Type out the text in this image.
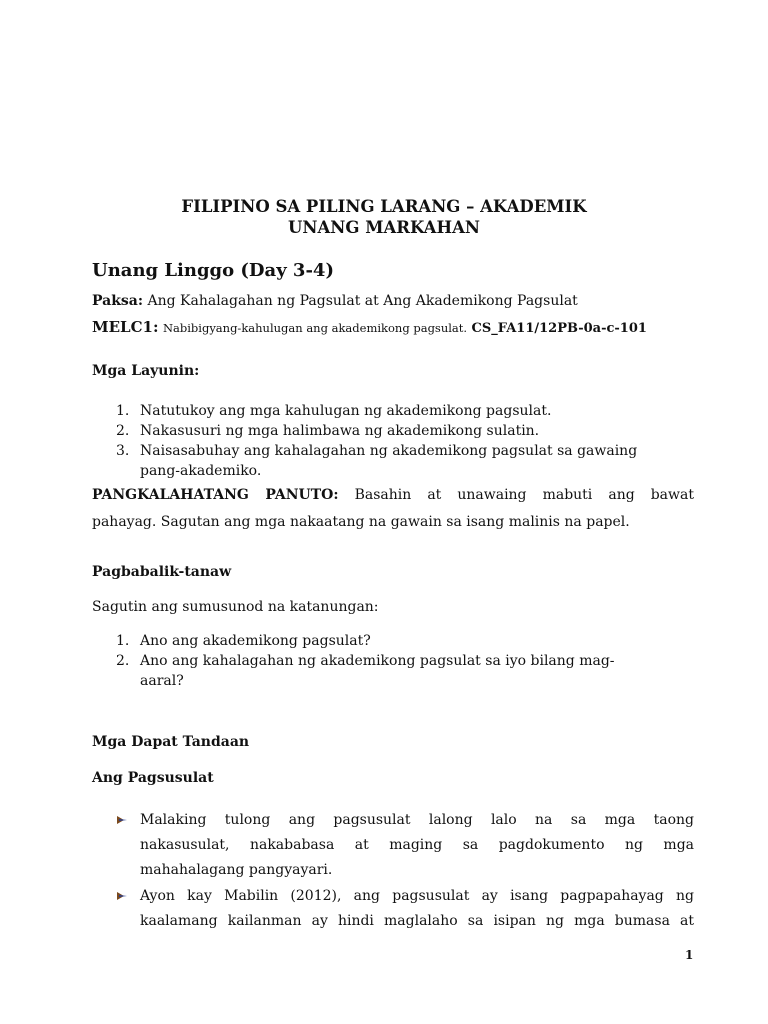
FILIPINO SA PILING LARANG – AKADEMIK
UNANG MARKAHAN
Unang Linggo (Day 3-4)
Paksa: Ang Kahalagahan ng Pagsulat at Ang Akademikong Pagsulat
MELC1: Nabibigyang-kahulugan ang akademikong pagsulat. CS_FA11/12PB-0a-c-101
Mga Layunin:
1. Natutukoy ang mga kahulugan ng akademikong pagsulat.
2. Nakasusuri ng mga halimbawa ng akademikong sulatin.
3. Naisasabuhay ang kahalagahan ng akademikong pagsulat sa gawaing
pang-akademiko.
PANGKALAHATANG PANUTO: Basahin at unawaing mabuti ang bawat
pahayag. Sagutan ang mga nakaatang na gawain sa isang malinis na papel.
Pagbabalik-tanaw
Sagutin ang sumusunod na katanungan:
1. Ano ang akademikong pagsulat?
2. Ano ang kahalagahan ng akademikong pagsulat sa iyo bilang mag-
aaral?
Mga Dapat Tandaan
Ang Pagsusulat
Malaking tulong ang pagsusulat lalong lalo na sa mga taong
nakasusulat, nakababasa at maging sa pagdokumento ng mga
mahahalagang pangyayari.
Ayon kay Mabilin (2012), ang pagsusulat ay isang pagpapahayag ng
kaalamang kailanman ay hindi maglalaho sa isipan ng mga bumasa at
1
